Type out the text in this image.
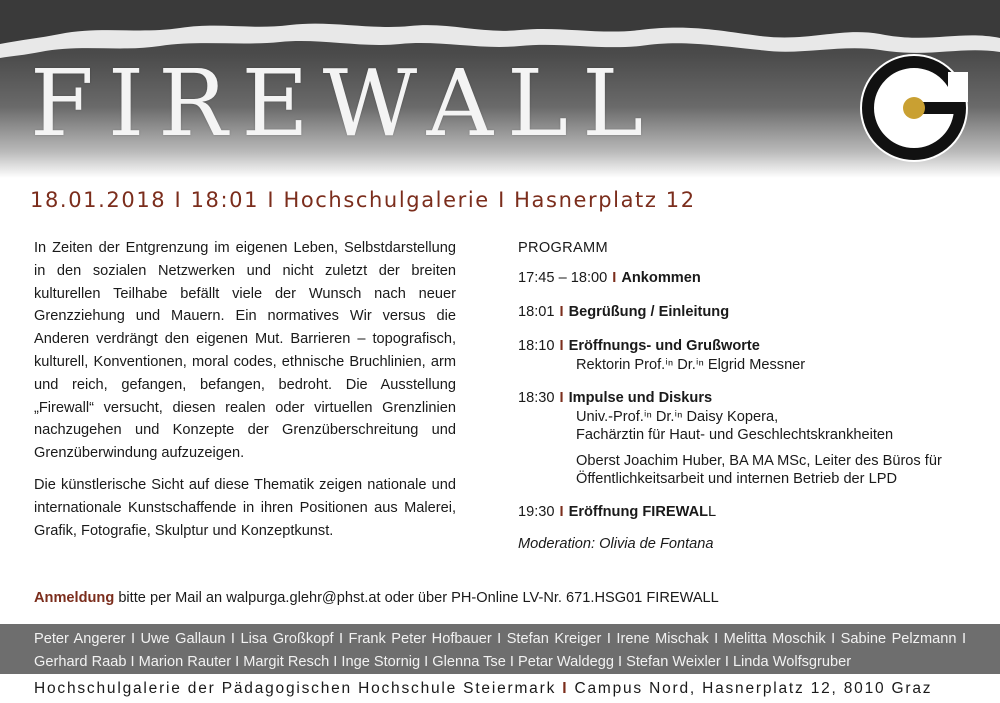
FIREWALL
18.01.2018 I 18:01 I Hochschulgalerie I Hasnerplatz 12

In Zeiten der Entgrenzung im eigenen Leben, Selbstdarstellung in den sozialen Netzwerken und nicht zuletzt der breiten kulturellen Teilhabe befällt viele der Wunsch nach neuer Grenzziehung und Mauern. Ein normatives Wir versus die Anderen verdrängt den eigenen Mut. Barrieren – topografisch, kulturell, Konventionen, moral codes, ethnische Bruchlinien, arm und reich, gefangen, befangen, bedroht. Die Ausstellung „Firewall“ versucht, diesen realen oder virtuellen Grenzlinien nachzugehen und Konzepte der Grenzüberschreitung und Grenzüberwindung aufzuzeigen.

Die künstlerische Sicht auf diese Thematik zeigen nationale und internationale Kunstschaffende in ihren Positionen aus Malerei, Grafik, Fotografie, Skulptur und Konzeptkunst.

PROGRAMM
17:45 – 18:00 I Ankommen
18:01 I Begrüßung / Einleitung
18:10 I Eröffnungs- und Grußworte
Rektorin Prof.ⁱⁿ Dr.ⁱⁿ Elgrid Messner
18:30 I Impulse und Diskurs
Univ.-Prof.ⁱⁿ Dr.ⁱⁿ Daisy Kopera,
Fachärztin für Haut- und Geschlechtskrankheiten
Oberst Joachim Huber, BA MA MSc, Leiter des Büros für
Öffentlichkeitsarbeit und internen Betrieb der LPD
19:30 I Eröffnung FIREWALL
Moderation: Olivia de Fontana
Anmeldung bitte per Mail an walpurga.glehr@phst.at oder über PH-Online LV-Nr. 671.HSG01 FIREWALL
Peter Angerer I Uwe Gallaun I Lisa Großkopf I Frank Peter Hofbauer I Stefan Kreiger I Irene Mischak I Melitta Moschik I Sabine Pelzmann I Gerhard Raab I Marion Rauter I Margit Resch I Inge Stornig I Glenna Tse I Petar Waldegg I Stefan Weixler I Linda Wolfsgruber
Hochschulgalerie der Pädagogischen Hochschule Steiermark I Campus Nord, Hasnerplatz 12, 8010 Graz
